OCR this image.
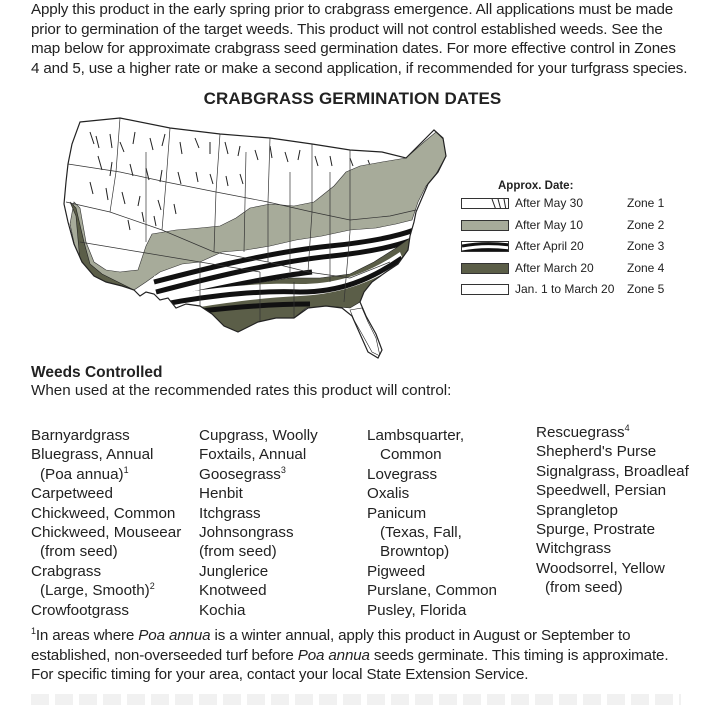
Apply this product in the early spring prior to crabgrass emergence. All applications must be made
prior to germination of the target weeds. This product will not control established weeds. See the
map below for approximate crabgrass seed germination dates. For more effective control in Zones
4 and 5, use a higher rate or make a second application, if recommended for your turfgrass species.
CRABGRASS GERMINATION DATES
Approx. Date:
After May 30	Zone 1
After May 10	Zone 2
After April 20	Zone 3
After March 20	Zone 4
Jan. 1 to March 20 Zone 5
Weeds Controlled
When used at the recommended rates this product will control:
Barnyardgrass
Bluegrass, Annual
(Poa annua)$^1$
Carpetweed
Chickweed, Common
Chickweed, Mouseear
(from seed)
Crabgrass
(Large, Smooth)$^2$
Crowfootgrass
Cupgrass, Woolly
Foxtails, Annual
Goosegrass$^3$
Henbit
Itchgrass
Johnsongrass
(from seed)
Junglerice
Knotweed
Kochia
Lambsquarter,
Common
Lovegrass
Oxalis
Panicum
(Texas, Fall,
Browntop)
Pigweed
Purslane, Common
Pusley, Florida
Rescuegrass$^4$
Shepherd's Purse
Signalgrass, Broadleaf
Speedwell, Persian
Sprangletop
Spurge, Prostrate
Witchgrass
Woodsorrel, Yellow
(from seed)
$^1$In areas where Poa annua is a winter annual, apply this product in August or September to
established, non-overseeded turf before Poa annua seeds germinate. This timing is approximate.
For specific timing for your area, contact your local State Extension Service.
